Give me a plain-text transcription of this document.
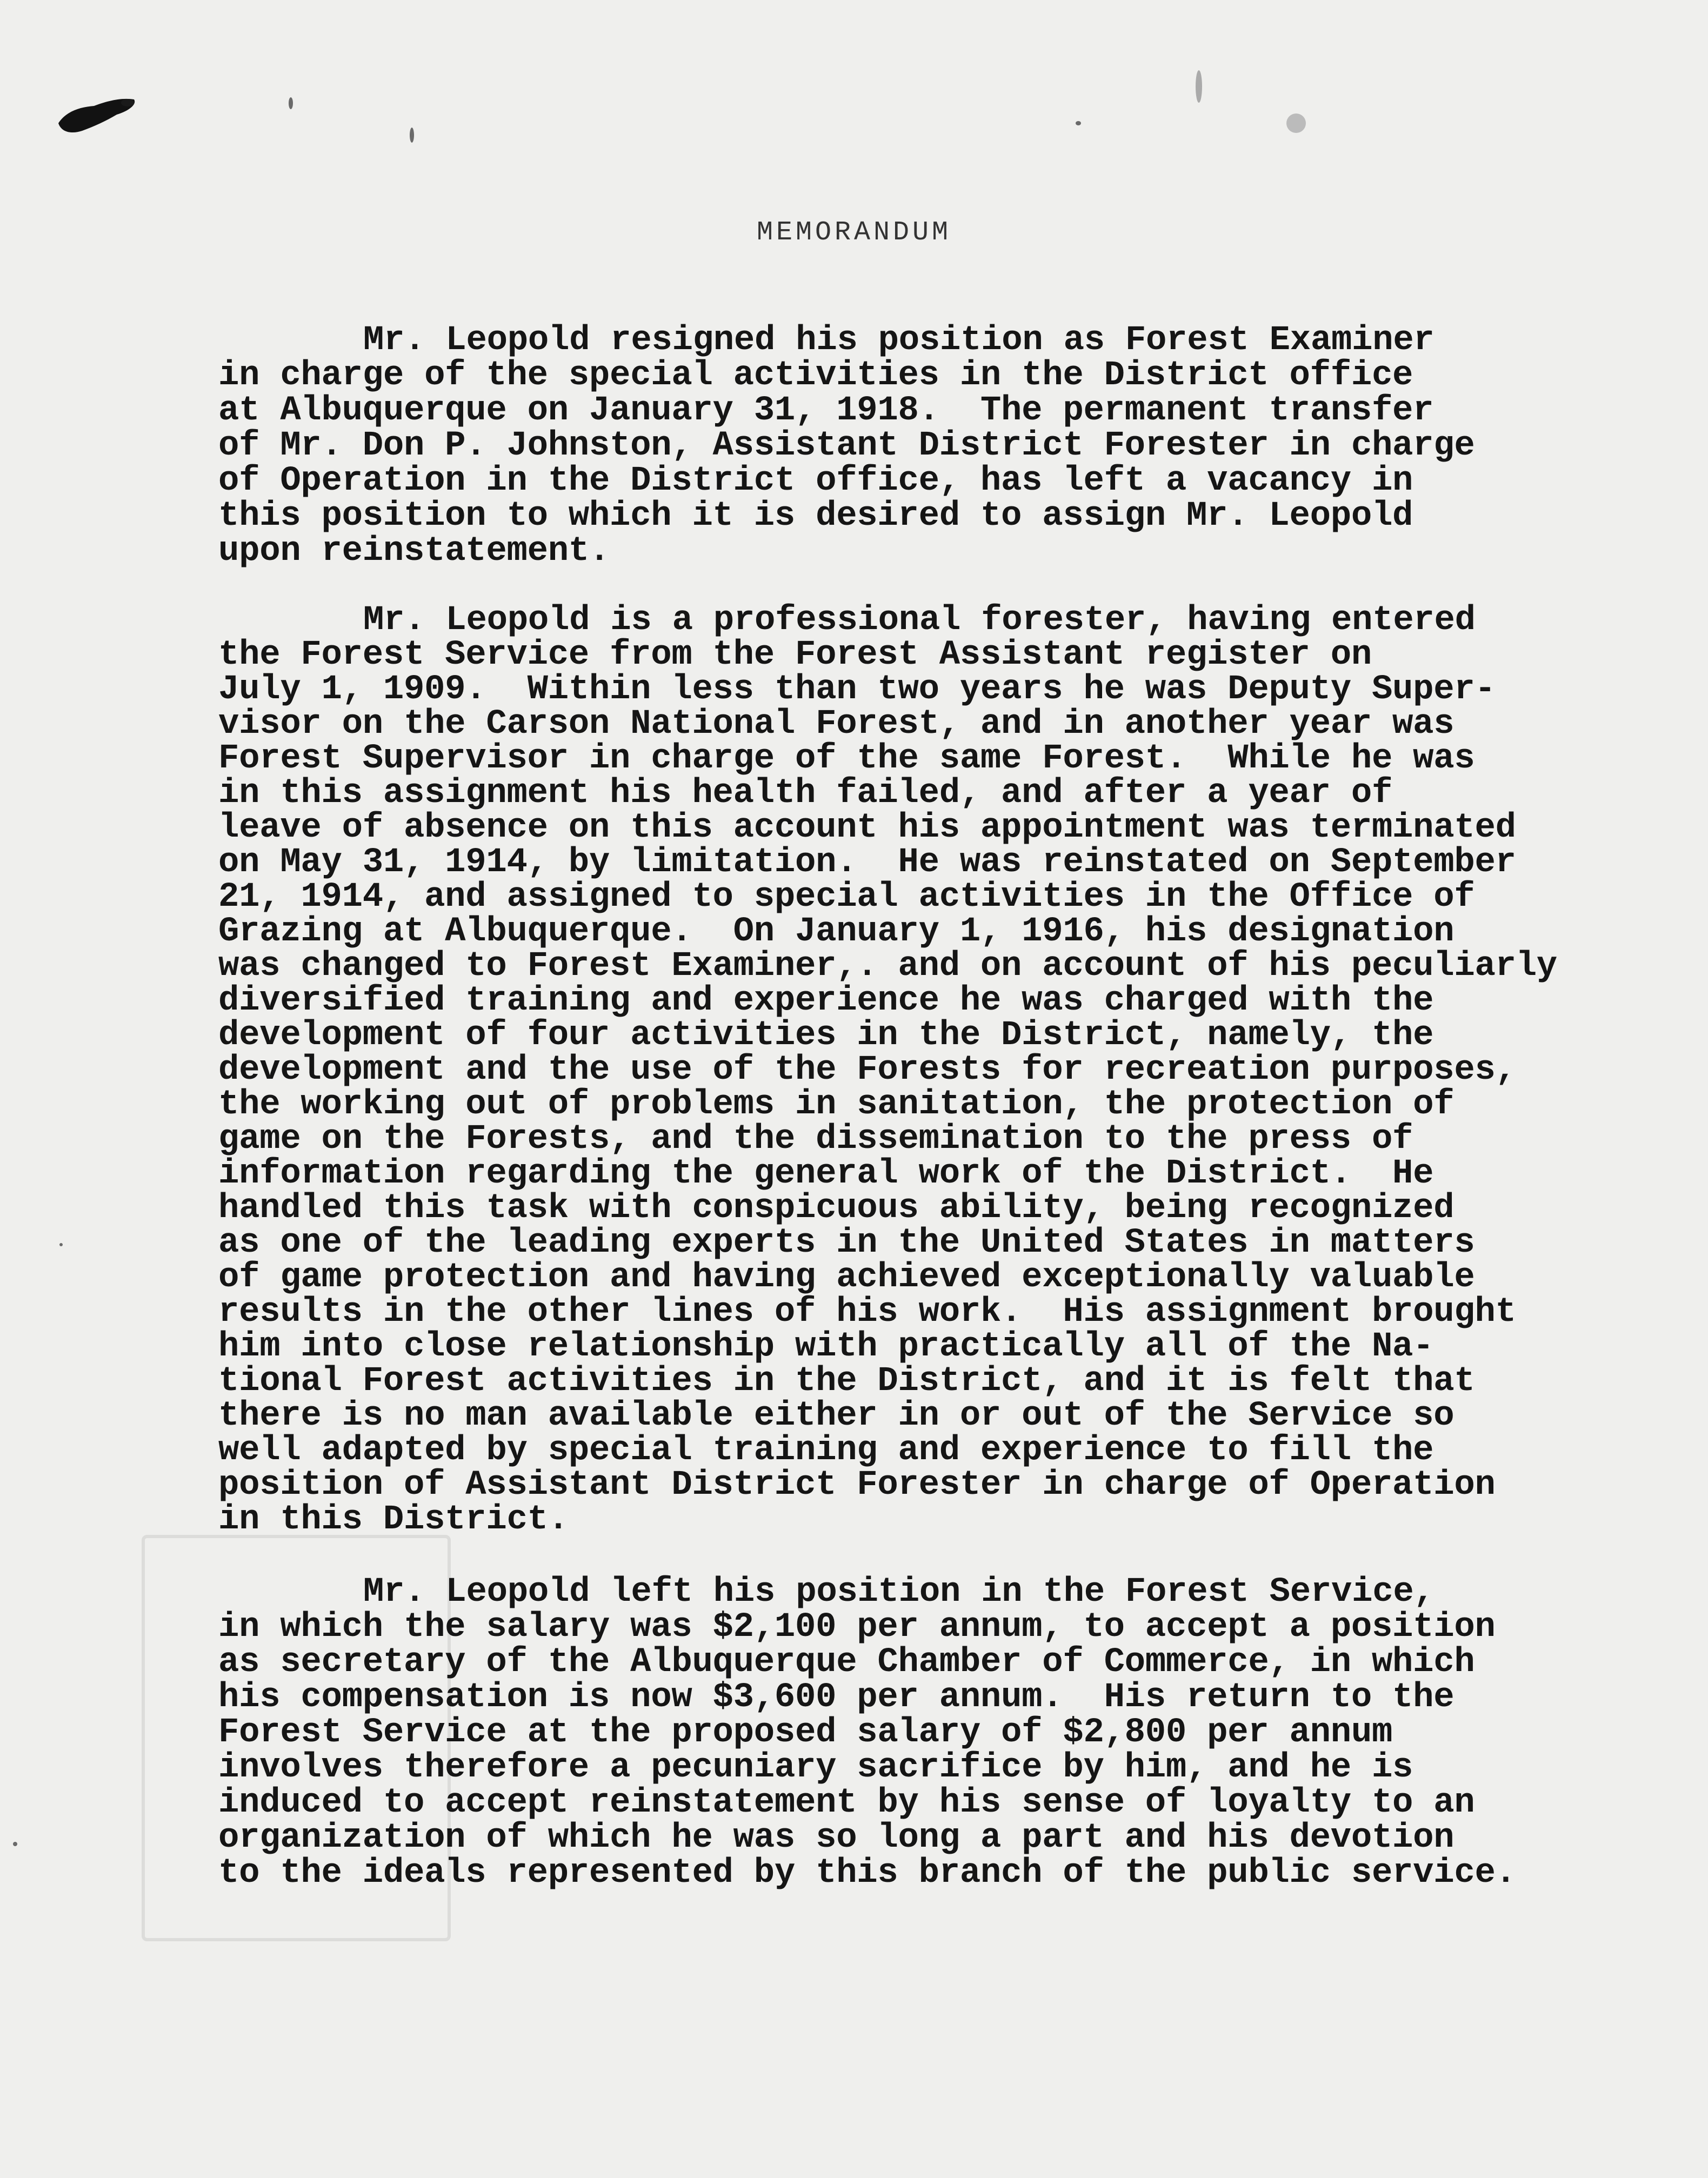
MEMORANDUM

Mr. Leopold resigned his position as Forest Examiner

in charge of the special activities in the District office

at Albuquerque on January 31, 1918.  The permanent transfer

of Mr. Don P. Johnston, Assistant District Forester in charge

of Operation in the District office, has left a vacancy in

this position to which it is desired to assign Mr. Leopold

upon reinstatement.

Mr. Leopold is a professional forester, having entered

the Forest Service from the Forest Assistant register on

July 1, 1909.  Within less than two years he was Deputy Super-

visor on the Carson National Forest, and in another year was

Forest Supervisor in charge of the same Forest.  While he was

in this assignment his health failed, and after a year of

leave of absence on this account his appointment was terminated

on May 31, 1914, by limitation.  He was reinstated on September

21, 1914, and assigned to special activities in the Office of

Grazing at Albuquerque.  On January 1, 1916, his designation

was changed to Forest Examiner,. and on account of his peculiarly

diversified training and experience he was charged with the

development of four activities in the District, namely, the

development and the use of the Forests for recreation purposes,

the working out of problems in sanitation, the protection of

game on the Forests, and the dissemination to the press of

information regarding the general work of the District.  He

handled this task with conspicuous ability, being recognized

as one of the leading experts in the United States in matters

of game protection and having achieved exceptionally valuable

results in the other lines of his work.  His assignment brought

him into close relationship with practically all of the Na-

tional Forest activities in the District, and it is felt that

there is no man available either in or out of the Service so

well adapted by special training and experience to fill the

position of Assistant District Forester in charge of Operation

in this District.

Mr. Leopold left his position in the Forest Service,

in which the salary was $2,100 per annum, to accept a position

as secretary of the Albuquerque Chamber of Commerce, in which

his compensation is now $3,600 per annum.  His return to the

Forest Service at the proposed salary of $2,800 per annum

involves therefore a pecuniary sacrifice by him, and he is

induced to accept reinstatement by his sense of loyalty to an

organization of which he was so long a part and his devotion

to the ideals represented by this branch of the public service.
